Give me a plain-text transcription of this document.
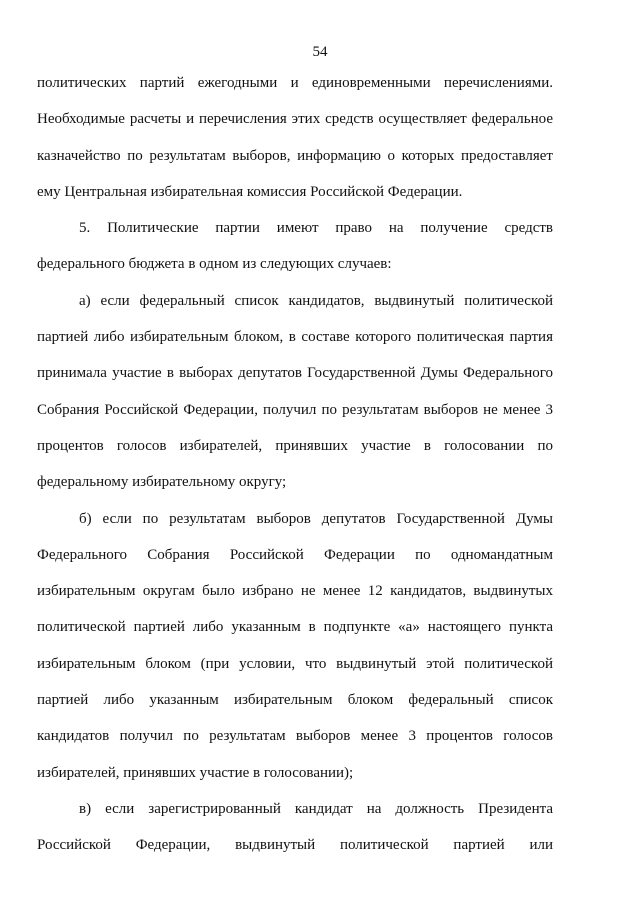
54

политических партий ежегодными и единовременными перечислениями. Необходимые расчеты и перечисления этих средств осуществляет федеральное казначейство по результатам выборов, информацию о которых предоставляет ему Центральная избирательная комиссия Российской Федерации.

5. Политические партии имеют право на получение средств федерального бюджета в одном из следующих случаев:

а) если федеральный список кандидатов, выдвинутый политической партией либо избирательным блоком, в составе которого политическая партия принимала участие в выборах депутатов Государственной Думы Федерального Собрания Российской Федерации, получил по результатам выборов не менее 3 процентов голосов избирателей, принявших участие в голосовании по федеральному избирательному округу;

б) если по результатам выборов депутатов Государственной Думы Федерального Собрания Российской Федерации по одномандатным избирательным округам было избрано не менее 12 кандидатов, выдвинутых политической партией либо указанным в подпункте «а» настоящего пункта избирательным блоком (при условии, что выдвинутый этой политической партией либо указанным избирательным блоком федеральный список кандидатов получил по результатам выборов менее 3 процентов голосов избирателей, принявших участие в голосовании);

в) если зарегистрированный кандидат на должность Президента Российской Федерации, выдвинутый политической партией или
